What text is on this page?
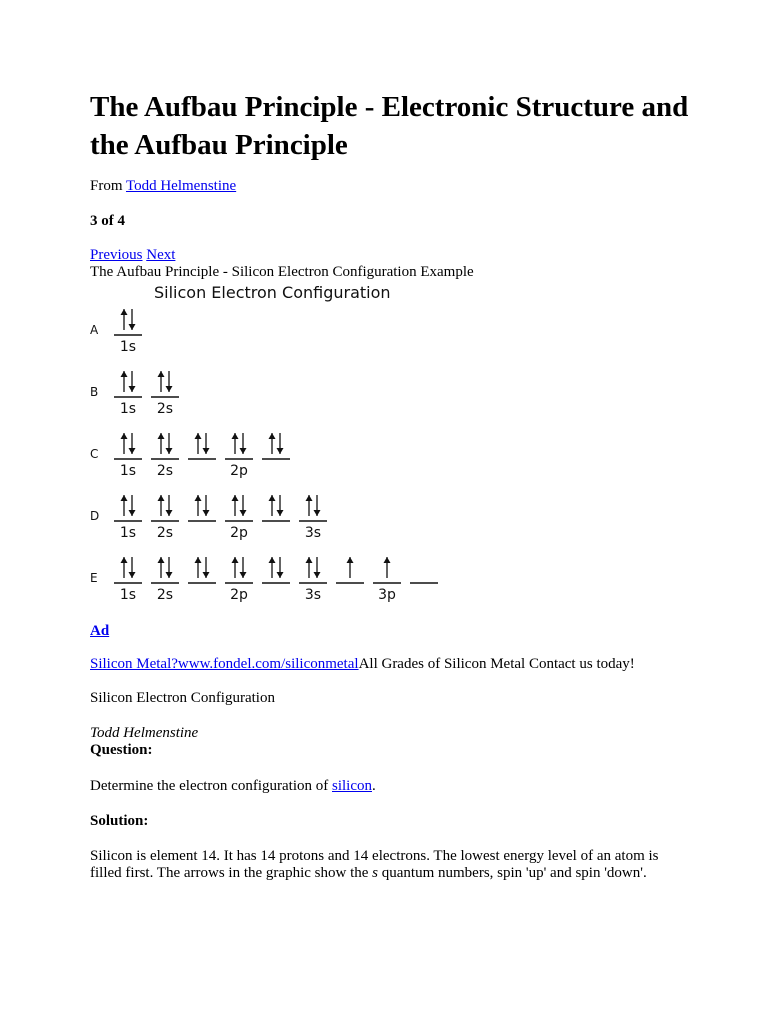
The Aufbau Principle - Electronic Structure and the Aufbau Principle
From Todd Helmenstine
3 of 4
Previous Next
The Aufbau Principle - Silicon Electron Configuration Example
Ad
Silicon Metal?www.fondel.com/siliconmetalAll Grades of Silicon Metal Contact us today!
Silicon Electron Configuration
Todd Helmenstine
Question:
Determine the electron configuration of silicon.
Solution:
Silicon is element 14. It has 14 protons and 14 electrons. The lowest energy level of an atom is
filled first. The arrows in the graphic show the s quantum numbers, spin 'up' and spin 'down'.
Silicon Electron Configuration
A
1s
B
1s 2s
C
1s 2s	2p
D
1s 2s	2p	3s
E
1s 2s	2p	3s	3p
